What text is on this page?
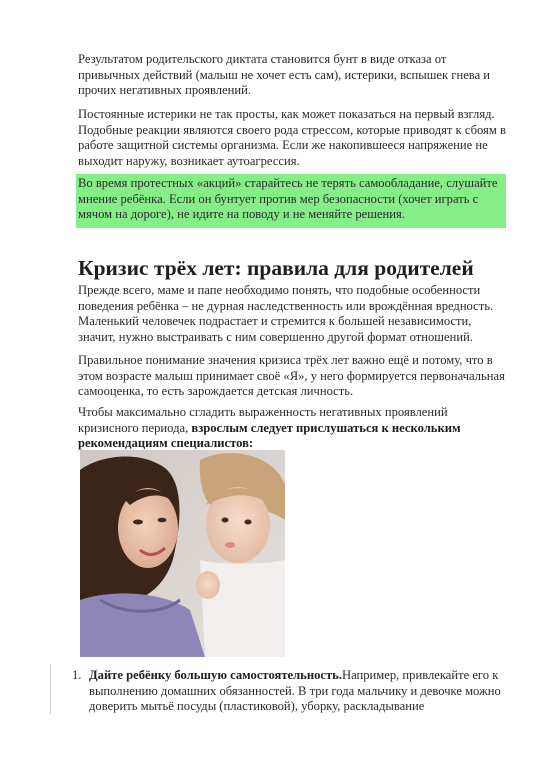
Результатом родительского диктата становится бунт в виде отказа от привычных действий (малыш не хочет есть сам), истерики, вспышек гнева и прочих негативных проявлений.

Постоянные истерики не так просты, как может показаться на первый взгляд. Подобные реакции являются своего рода стрессом, которые приводят к сбоям в работе защитной системы организма. Если же накопившееся напряжение не выходит наружу, возникает аутоагрессия.

Во время протестных «акций» старайтесь не терять самообладание, слушайте мнение ребёнка. Если он бунтует против мер безопасности (хочет играть с мячом на дороге), не идите на поводу и не меняйте решения.

Кризис трёх лет: правила для родителей

Прежде всего, маме и папе необходимо понять, что подобные особенности поведения ребёнка – не дурная наследственность или врождённая вредность. Маленький человечек подрастает и стремится к большей независимости, значит, нужно выстраивать с ним совершенно другой формат отношений.

Правильное понимание значения кризиса трёх лет важно ещё и потому, что в этом возрасте малыш принимает своё «Я», у него формируется первоначальная самооценка, то есть зарождается детская личность.

Чтобы максимально сгладить выраженность негативных проявлений кризисного периода, взрослым следует прислушаться к нескольким рекомендациям специалистов:

1. Дайте ребёнку большую самостоятельность.Например, привлекайте его к выполнению домашних обязанностей. В три года мальчику и девочке можно доверить мытьё посуды (пластиковой), уборку, раскладывание
